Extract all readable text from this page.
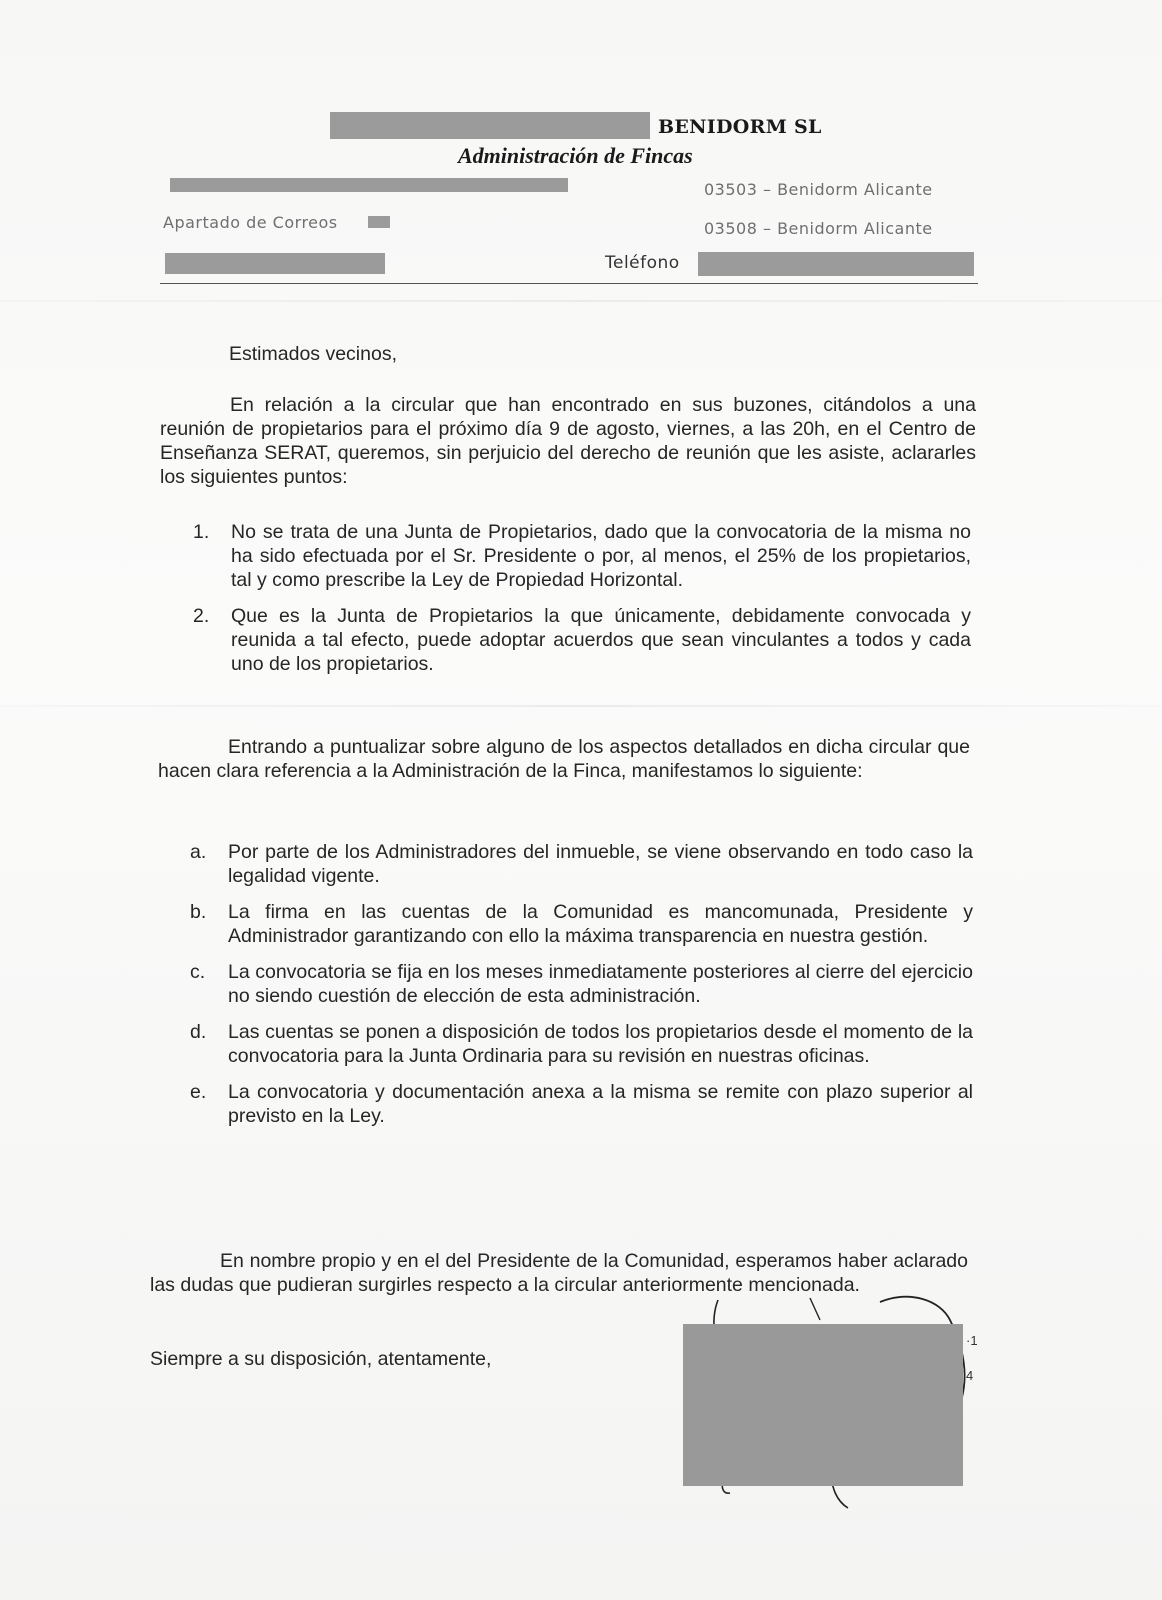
BENIDORM SL
Administración de Fincas
03503 – Benidorm Alicante
Apartado de Correos	03508 – Benidorm Alicante
Teléfono
Estimados vecinos,
En relación a la circular que han encontrado en sus buzones, citándolos a una reunión de propietarios para el próximo día 9 de agosto, viernes, a las 20h, en el Centro de Enseñanza SERAT, queremos, sin perjuicio del derecho de reunión que les asiste, aclararles los siguientes puntos:
1. No se trata de una Junta de Propietarios, dado que la convocatoria de la misma no ha sido efectuada por el Sr. Presidente o por, al menos, el 25% de los propietarios, tal y como prescribe la Ley de Propiedad Horizontal.
2. Que es la Junta de Propietarios la que únicamente, debidamente convocada y reunida a tal efecto, puede adoptar acuerdos que sean vinculantes a todos y cada uno de los propietarios.
Entrando a puntualizar sobre alguno de los aspectos detallados en dicha circular que hacen clara referencia a la Administración de la Finca, manifestamos lo siguiente:
a. Por parte de los Administradores del inmueble, se viene observando en todo caso la legalidad vigente.
b. La firma en las cuentas de la Comunidad es mancomunada, Presidente y Administrador garantizando con ello la máxima transparencia en nuestra gestión.
c. La convocatoria se fija en los meses inmediatamente posteriores al cierre del ejercicio no siendo cuestión de elección de esta administración.
d. Las cuentas se ponen a disposición de todos los propietarios desde el momento de la convocatoria para la Junta Ordinaria para su revisión en nuestras oficinas.
e. La convocatoria y documentación anexa a la misma se remite con plazo superior al previsto en la Ley.
En nombre propio y en el del Presidente de la Comunidad, esperamos haber aclarado las dudas que pudieran surgirles respecto a la circular anteriormente mencionada.
Siempre a su disposición, atentamente,
·1
4
